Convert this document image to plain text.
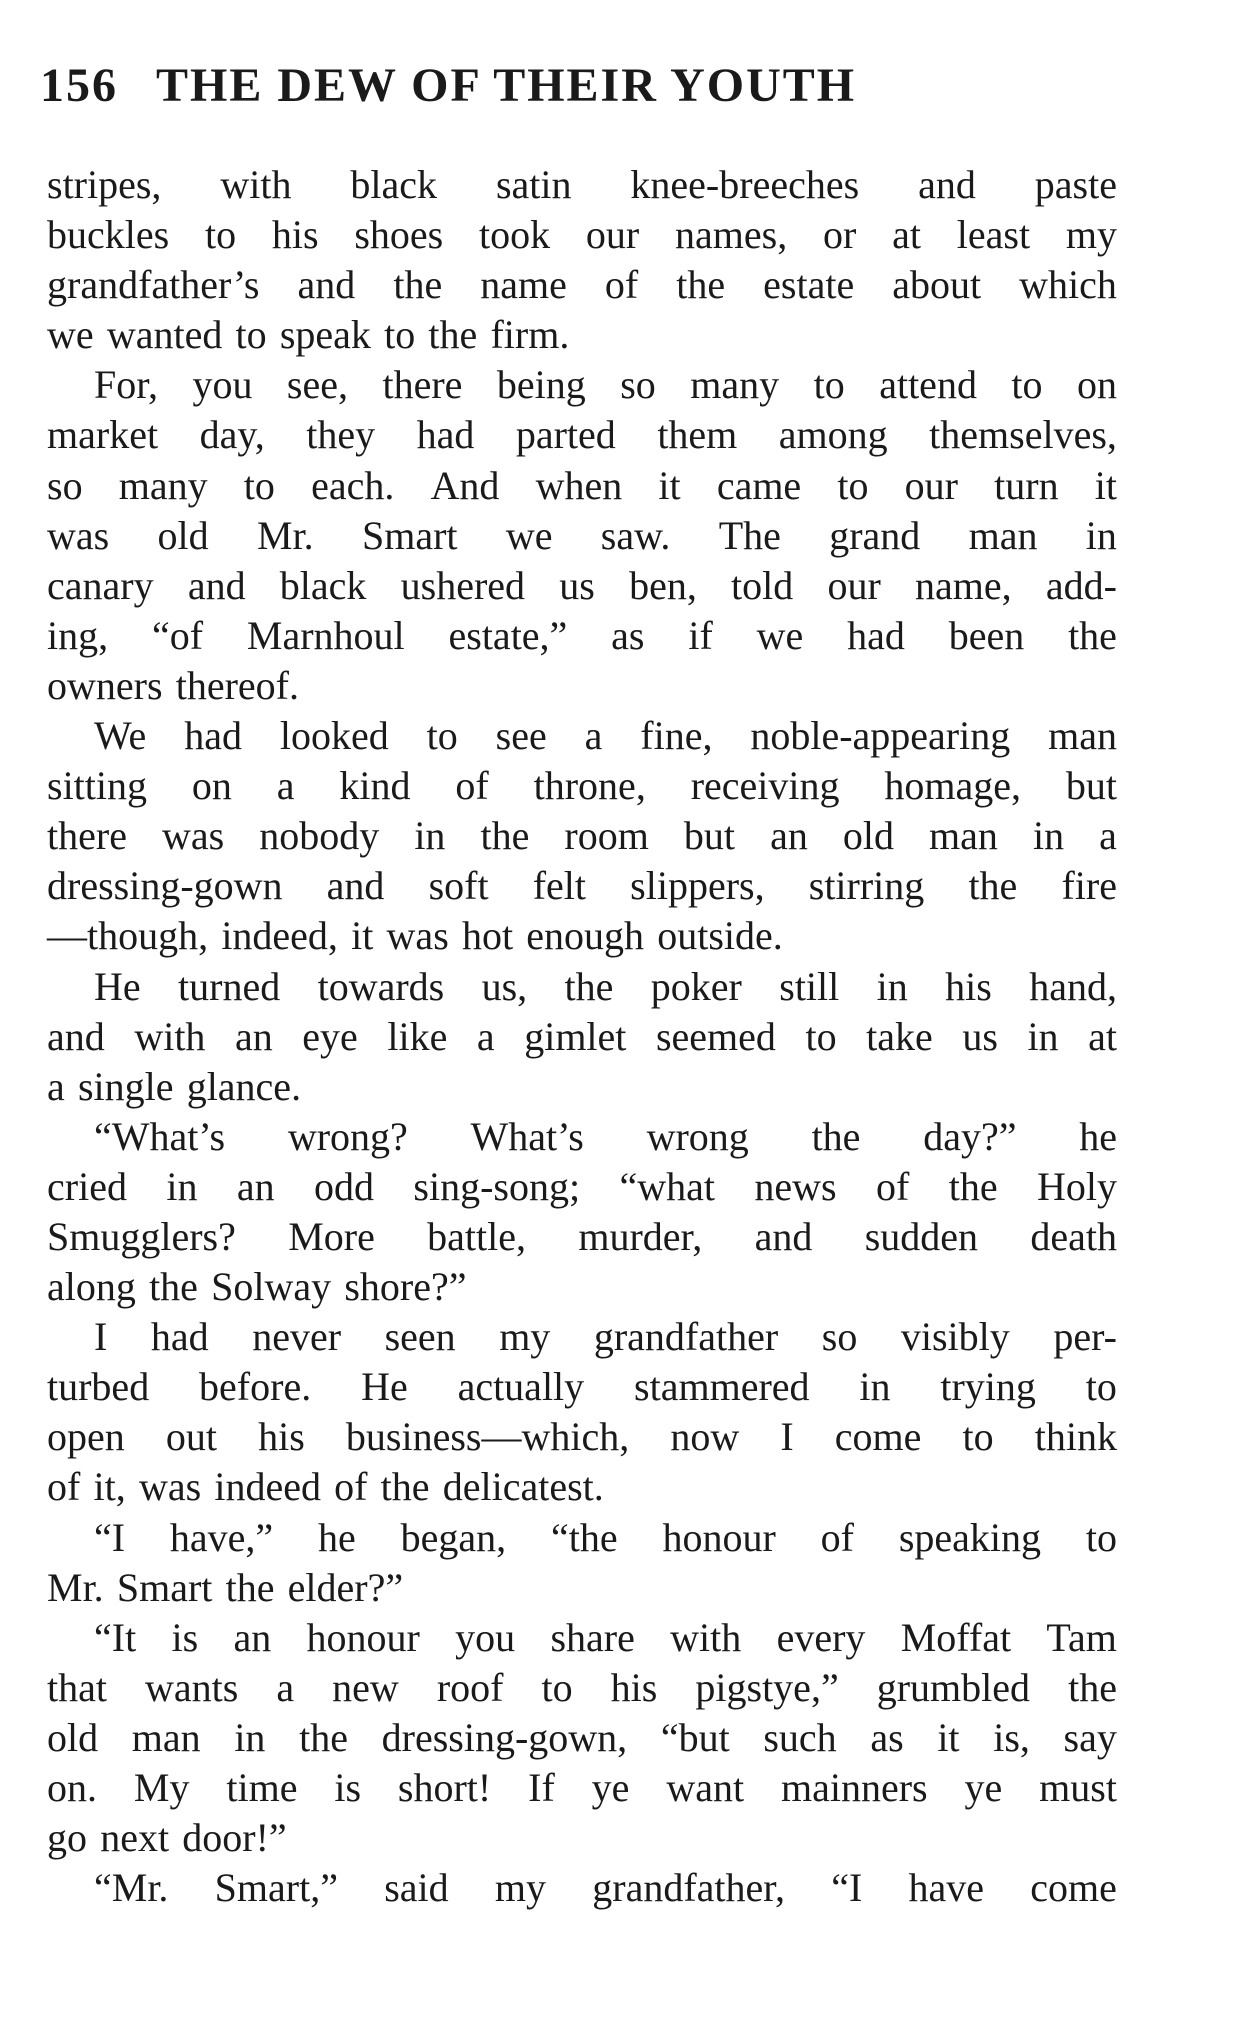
156 THE DEW OF THEIR YOUTH
stripes, with black satin knee-breeches and paste
buckles to his shoes took our names, or at least my
grandfather’s and the name of the estate about which
we wanted to speak to the firm.
For, you see, there being so many to attend to on
market day, they had parted them among themselves,
so many to each. And when it came to our turn it
was old Mr. Smart we saw. The grand man in
canary and black ushered us ben, told our name, add-
ing, “of Marnhoul estate,” as if we had been the
owners thereof.
We had looked to see a fine, noble-appearing man
sitting on a kind of throne, receiving homage, but
there was nobody in the room but an old man in a
dressing-gown and soft felt slippers, stirring the fire
—though, indeed, it was hot enough outside.
He turned towards us, the poker still in his hand,
and with an eye like a gimlet seemed to take us in at
a single glance.
“What’s wrong? What’s wrong the day?” he
cried in an odd sing-song; “what news of the Holy
Smugglers? More battle, murder, and sudden death
along the Solway shore?”
I had never seen my grandfather so visibly per-
turbed before. He actually stammered in trying to
open out his business—which, now I come to think
of it, was indeed of the delicatest.
“I have,” he began, “the honour of speaking to
Mr. Smart the elder?”
“It is an honour you share with every Moffat Tam
that wants a new roof to his pigstye,” grumbled the
old man in the dressing-gown, “but such as it is, say
on. My time is short! If ye want mainners ye must
go next door!”
“Mr. Smart,” said my grandfather, “I have come
